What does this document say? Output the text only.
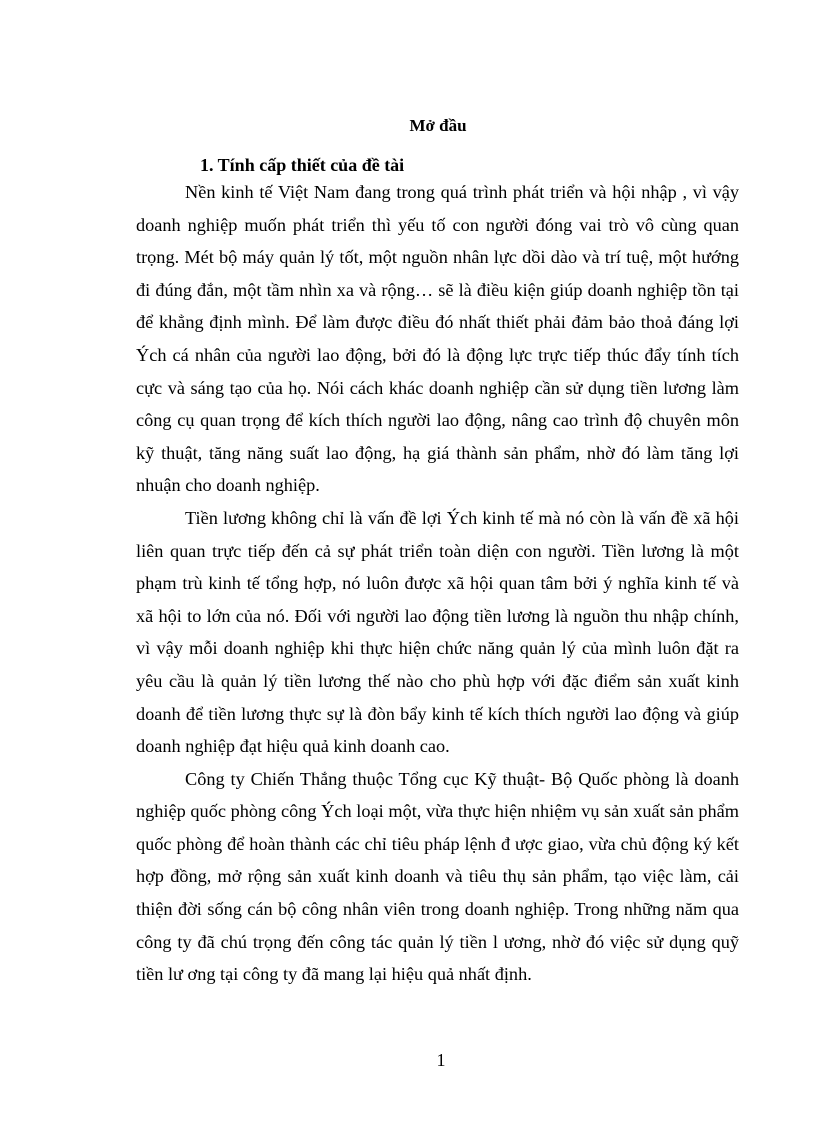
Mở đầu
1. Tính cấp thiết của đề tài

Nền kinh tế Việt Nam đang trong quá trình phát triển và hội nhập , vì vậy doanh nghiệp muốn phát triển thì yếu tố con người đóng vai trò vô cùng quan trọng. Mét bộ máy quản lý tốt, một nguồn nhân lực dồi dào và trí tuệ, một hướng đi đúng đắn, một tầm nhìn xa và rộng… sẽ là điều kiện giúp doanh nghiệp tồn tại để khẳng định mình. Để làm được điều đó nhất thiết phải đảm bảo thoả đáng lợi Ých cá nhân của người lao động, bởi đó là động lực trực tiếp thúc đẩy tính tích cực và sáng tạo của họ. Nói cách khác doanh nghiệp cần sử dụng tiền lương làm công cụ quan trọng để kích thích người lao động, nâng cao trình độ chuyên môn kỹ thuật, tăng năng suất lao động, hạ giá thành sản phẩm, nhờ đó làm tăng lợi nhuận cho doanh nghiệp.

Tiền lương không chỉ là vấn đề lợi Ých kinh tế mà nó còn là vấn đề xã hội liên quan trực tiếp đến cả sự phát triển toàn diện con người. Tiền lương là một phạm trù kinh tế tổng hợp, nó luôn được xã hội quan tâm bởi ý nghĩa kinh tế và xã hội to lớn của nó. Đối với người lao động tiền lương là nguồn thu nhập chính, vì vậy mỗi doanh nghiệp khi thực hiện chức năng quản lý của mình luôn đặt ra yêu cầu là quản lý tiền lương thế nào cho phù hợp với đặc điểm sản xuất kinh doanh để tiền lương thực sự là đòn bẩy kinh tế kích thích người lao động và giúp doanh nghiệp đạt hiệu quả kinh doanh cao.

Công ty Chiến Thắng thuộc Tổng cục Kỹ thuật- Bộ Quốc phòng là doanh nghiệp quốc phòng công Ých loại một, vừa thực hiện nhiệm vụ sản xuất sản phẩm quốc phòng để hoàn thành các chỉ tiêu pháp lệnh đ ược giao, vừa chủ động ký kết hợp đồng, mở rộng sản xuất kinh doanh và tiêu thụ sản phẩm, tạo việc làm, cải thiện đời sống cán bộ công nhân viên trong doanh nghiệp. Trong những năm qua công ty đã chú trọng đến công tác quản lý tiền l ương, nhờ đó việc sử dụng quỹ tiền lư ơng tại công ty đã mang lại hiệu quả nhất định.

1
